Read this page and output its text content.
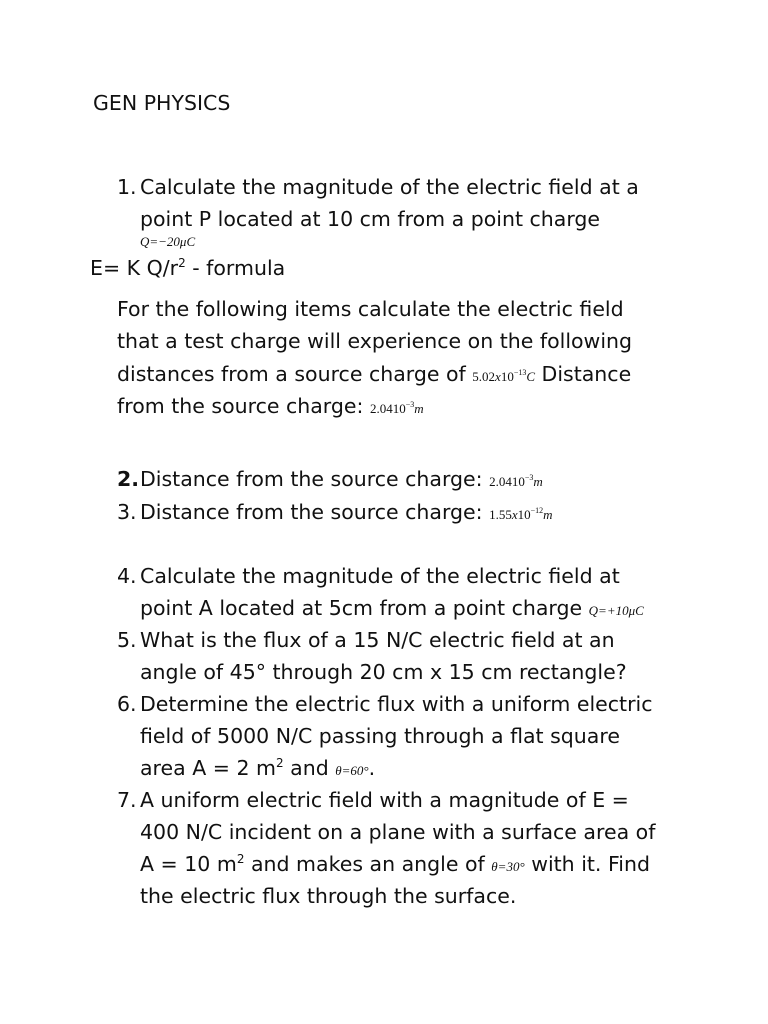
GEN PHYSICS
1. Calculate the magnitude of the electric field at a
point P located at 10 cm from a point charge
Q=−20μC
E= K $Q/r^2$ - formula
For the following items calculate the electric field
that a test charge will experience on the following
distances from a source charge of $5.02x10^{-13}C$ Distance
from the source charge: $2.0410^{-3}m$
2. Distance from the source charge: $2.0410^{-3}m$
3. Distance from the source charge: $1.55x10^{-12}m$
4. Calculate the magnitude of the electric field at
point A located at 5cm from a point charge Q=+10μC
5. What is the flux of a 15 N/C electric field at an
angle of 45° through 20 cm x 15 cm rectangle?
6. Determine the electric flux with a uniform electric
field of 5000 N/C passing through a flat square
area A = 2 $m^2$ and θ=60°.
7. A uniform electric field with a magnitude of E =
400 N/C incident on a plane with a surface area of
A = 10 $m^2$ and makes an angle of θ=30° with it. Find
the electric flux through the surface.
